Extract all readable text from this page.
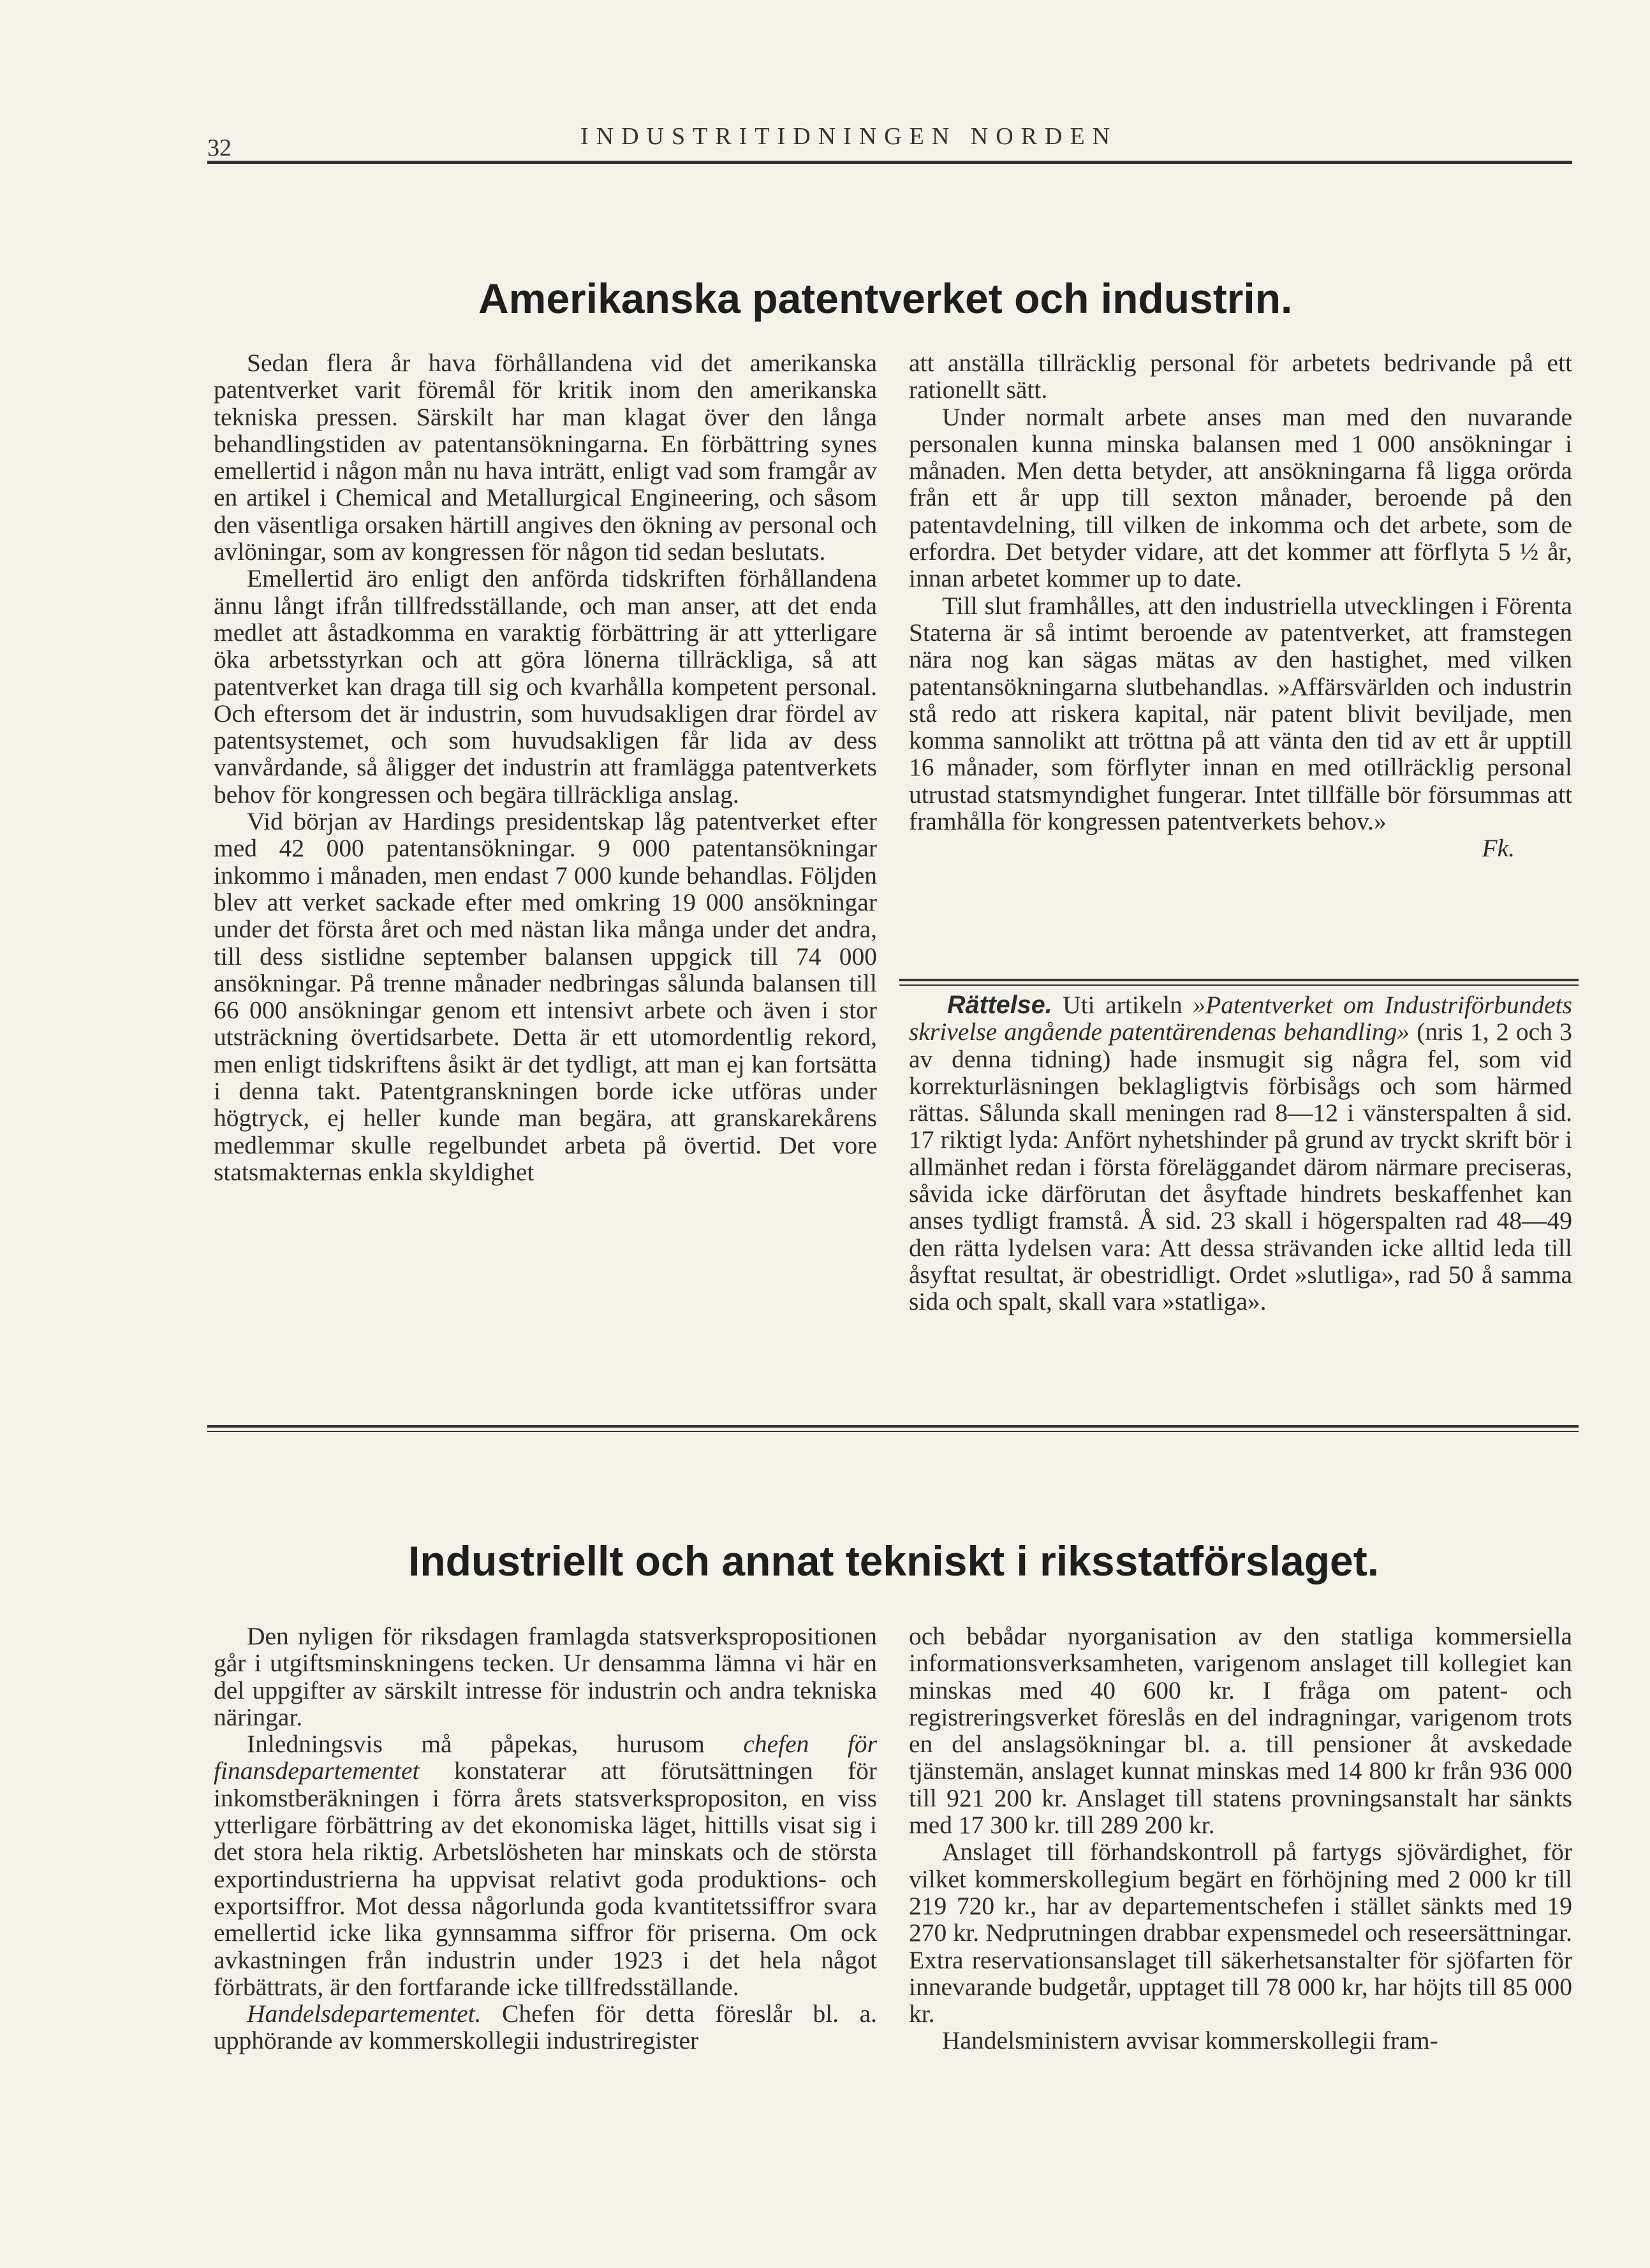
32	INDUSTRITIDNINGEN NORDEN
Amerikanska patentverket och industrin.

Sedan flera år hava förhållandena vid det amerikanska patentverket varit föremål för kritik inom den amerikanska tekniska pressen. Särskilt har man klagat över den långa behandlingstiden av patentansökningarna. En förbättring synes emellertid i någon mån nu hava inträtt, enligt vad som framgår av en artikel i Chemical and Metallurgical Engineering, och såsom den väsentliga orsaken härtill angives den ökning av personal och avlöningar, som av kongressen för någon tid sedan beslutats.

Emellertid äro enligt den anförda tidskriften förhållandena ännu långt ifrån tillfredsställande, och man anser, att det enda medlet att åstadkomma en varaktig förbättring är att ytterligare öka arbetsstyrkan och att göra lönerna tillräckliga, så att patentverket kan draga till sig och kvarhålla kompetent personal. Och eftersom det är industrin, som huvudsakligen drar fördel av patentsystemet, och som huvudsakligen får lida av dess vanvårdande, så åligger det industrin att framlägga patentverkets behov för kongressen och begära tillräckliga anslag.

Vid början av Hardings presidentskap låg patentverket efter med 42 000 patentansökningar. 9 000 patentansökningar inkommo i månaden, men endast 7 000 kunde behandlas. Följden blev att verket sackade efter med omkring 19 000 ansökningar under det första året och med nästan lika många under det andra, till dess sistlidne september balansen uppgick till 74 000 ansökningar. På trenne månader nedbringas sålunda balansen till 66 000 ansökningar genom ett intensivt arbete och även i stor utsträckning övertidsarbete. Detta är ett utomordentlig rekord, men enligt tidskriftens åsikt är det tydligt, att man ej kan fortsätta i denna takt. Patentgranskningen borde icke utföras under högtryck, ej heller kunde man begära, att granskarekårens medlemmar skulle regelbundet arbeta på övertid. Det vore statsmakternas enkla skyldighet

att anställa tillräcklig personal för arbetets bedrivande på ett rationellt sätt.

Under normalt arbete anses man med den nuvarande personalen kunna minska balansen med 1 000 ansökningar i månaden. Men detta betyder, att ansökningarna få ligga orörda från ett år upp till sexton månader, beroende på den patentavdelning, till vilken de inkomma och det arbete, som de erfordra. Det betyder vidare, att det kommer att förflyta 5 ½ år, innan arbetet kommer up to date.

Till slut framhålles, att den industriella utvecklingen i Förenta Staterna är så intimt beroende av patentverket, att framstegen nära nog kan sägas mätas av den hastighet, med vilken patentansökningarna slutbehandlas. »Affärsvärlden och industrin stå redo att riskera kapital, när patent blivit beviljade, men komma sannolikt att tröttna på att vänta den tid av ett år upptill 16 månader, som förflyter innan en med otillräcklig personal utrustad statsmyndighet fungerar. Intet tillfälle bör försummas att framhålla för kongressen patentverkets behov.»

Fk.

Rättelse. Uti artikeln »Patentverket om Industriförbundets skrivelse angående patentärendenas behandling» (nris 1, 2 och 3 av denna tidning) hade insmugit sig några fel, som vid korrekturläsningen beklagligtvis förbisågs och som härmed rättas. Sålunda skall meningen rad 8—12 i vänsterspalten å sid. 17 riktigt lyda: Anfört nyhetshinder på grund av tryckt skrift bör i allmänhet redan i första föreläggandet därom närmare preciseras, såvida icke därförutan det åsyftade hindrets beskaffenhet kan anses tydligt framstå. Å sid. 23 skall i högerspalten rad 48—49 den rätta lydelsen vara: Att dessa strävanden icke alltid leda till åsyftat resultat, är obestridligt. Ordet »slutliga», rad 50 å samma sida och spalt, skall vara »statliga».

Industriellt och annat tekniskt i riksstatförslaget.

Den nyligen för riksdagen framlagda statsverkspropositionen går i utgiftsminskningens tecken. Ur densamma lämna vi här en del uppgifter av särskilt intresse för industrin och andra tekniska näringar.

Inledningsvis må påpekas, hurusom chefen för finansdepartementet konstaterar att förutsättningen för inkomstberäkningen i förra årets statsverkspropositon, en viss ytterligare förbättring av det ekonomiska läget, hittills visat sig i det stora hela riktig. Arbetslösheten har minskats och de största exportindustrierna ha uppvisat relativt goda produktions- och exportsiffror. Mot dessa någorlunda goda kvantitetssiffror svara emellertid icke lika gynnsamma siffror för priserna. Om ock avkastningen från industrin under 1923 i det hela något förbättrats, är den fortfarande icke tillfredsställande.

Handelsdepartementet. Chefen för detta föreslår bl. a. upphörande av kommerskollegii industriregister

och bebådar nyorganisation av den statliga kommersiella informationsverksamheten, varigenom anslaget till kollegiet kan minskas med 40 600 kr. I fråga om patent- och registreringsverket föreslås en del indragningar, varigenom trots en del anslagsökningar bl. a. till pensioner åt avskedade tjänstemän, anslaget kunnat minskas med 14 800 kr från 936 000 till 921 200 kr. Anslaget till statens provningsanstalt har sänkts med 17 300 kr. till 289 200 kr.

Anslaget till förhandskontroll på fartygs sjövärdighet, för vilket kommerskollegium begärt en förhöjning med 2 000 kr till 219 720 kr., har av departementschefen i stället sänkts med 19 270 kr. Nedprutningen drabbar expensmedel och reseersättningar. Extra reservationsanslaget till säkerhetsanstalter för sjöfarten för innevarande budgetår, upptaget till 78 000 kr, har höjts till 85 000 kr.

Handelsministern avvisar kommerskollegii fram-
